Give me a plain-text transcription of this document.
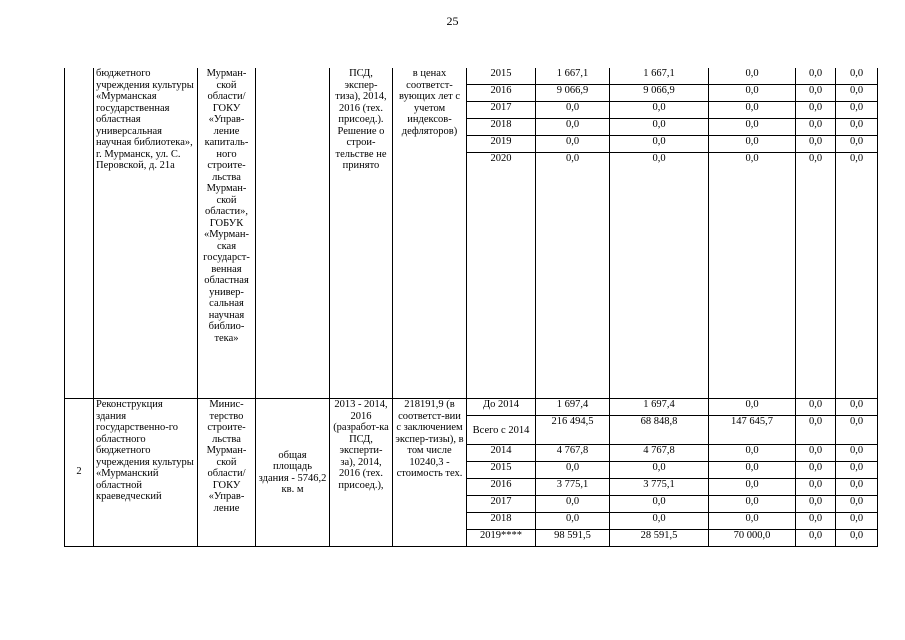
25
	бюджетного учреждения культуры «Мурманская государственная областная универсальная научная библиотека», г. Мурманск, ул. С. Перовской, д. 21а	Мурман-ской области/ ГОКУ «Управ-ление капиталь-ного строите-льства Мурман-ской области», ГОБУК «Мурман-ская государст-венная областная универ-сальная научная библио-тека»		ПСД, экспер-тиза), 2014, 2016 (тех. присоед.). Решение о строи-тельстве не принято	в ценах соответст-вующих лет с учетом индексов-дефляторов)	2015	1 667,1	1 667,1	0,0	0,0	0,0
						2016	9 066,9	9 066,9	0,0	0,0	0,0
						2017	0,0	0,0	0,0	0,0	0,0
						2018	0,0	0,0	0,0	0,0	0,0
						2019	0,0	0,0	0,0	0,0	0,0
						2020	0,0	0,0	0,0	0,0	0,0
2	Реконструкция здания государственно-го областного бюджетного учреждения культуры «Мурманский областной краеведческий	Минис-терство строите-льства Мурман-ской области/ ГОКУ «Управ-ление	общая площадь здания - 5746,2 кв. м	2013 - 2014, 2016 (разработ-ка ПСД, эксперти-за), 2014, 2016 (тех. присоед.),	218191,9 (в соответст-вии с заключением экспер-тизы), в том числе 10240,3 - стоимость тех.	До 2014	1 697,4	1 697,4	0,0	0,0	0,0
						Всего с 2014	216 494,5	68 848,8	147 645,7	0,0	0,0
						2014	4 767,8	4 767,8	0,0	0,0	0,0
						2015	0,0	0,0	0,0	0,0	0,0
						2016	3 775,1	3 775,1	0,0	0,0	0,0
						2017	0,0	0,0	0,0	0,0	0,0
						2018	0,0	0,0	0,0	0,0	0,0
						2019****	98 591,5	28 591,5	70 000,0	0,0	0,0
